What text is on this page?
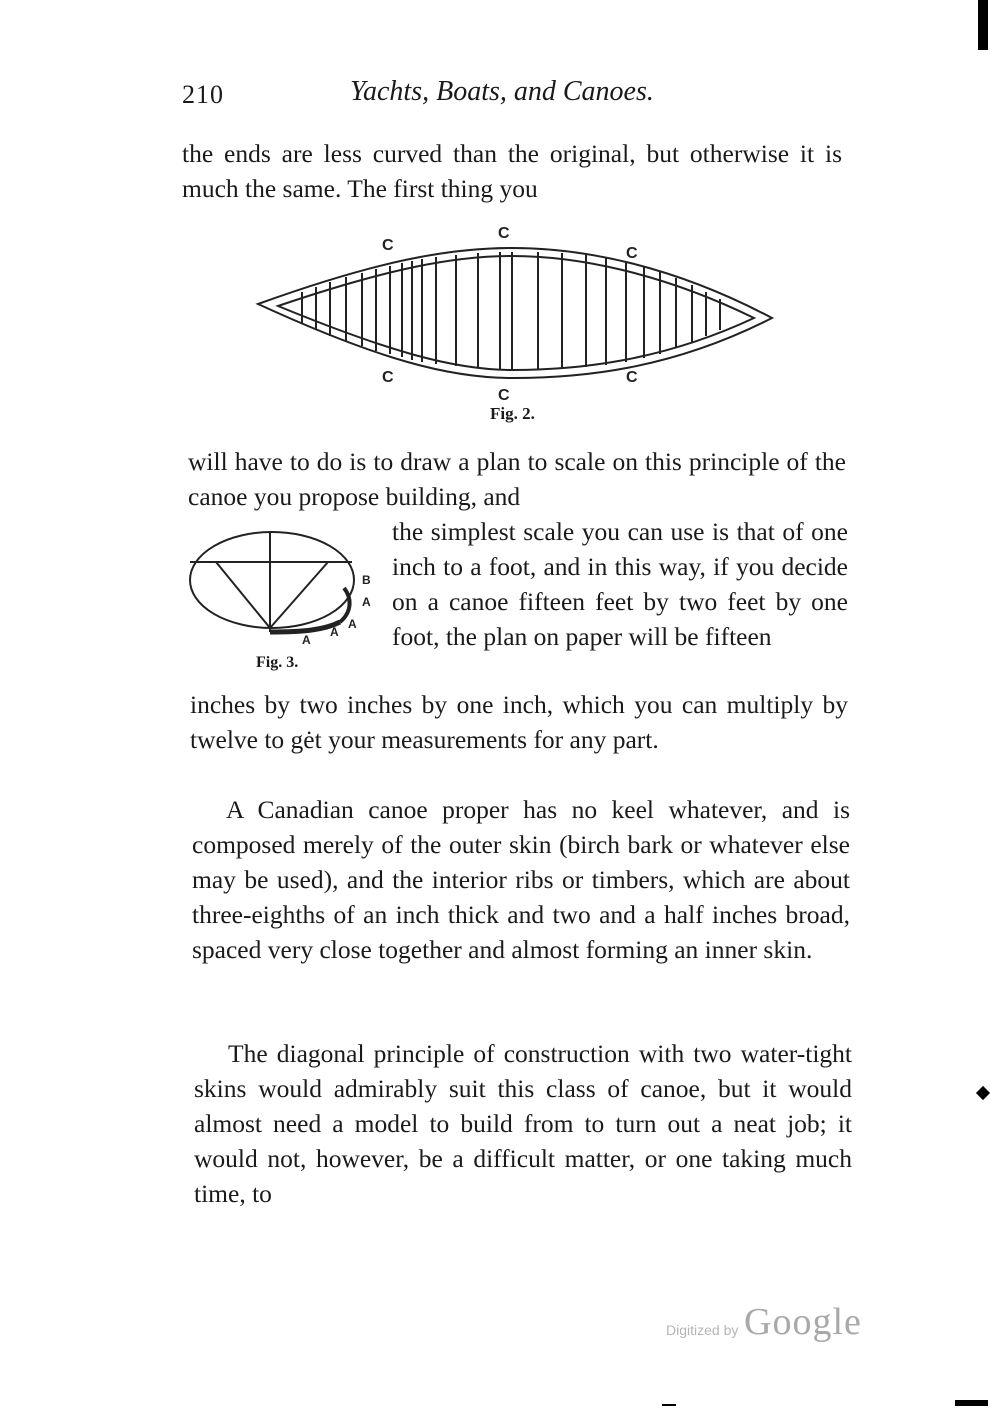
210	Yachts, Boats, and Canoes.

the ends are less curved than the original, but otherwise it is much the same. The first thing you

C
C
C
C
C
C
Fig. 2.

will have to do is to draw a plan to scale on this principle of the canoe you propose building, and

the simplest scale you can use is that of one inch to a foot, and in this way, if you decide on a canoe fifteen feet by two feet by one foot, the plan on paper will be fifteen

B
A
A
A
A
Fig. 3.

inches by two inches by one inch, which you can multiply by twelve to gėt your measurements for any part.

A Canadian canoe proper has no keel whatever, and is composed merely of the outer skin (birch bark or whatever else may be used), and the interior ribs or timbers, which are about three-eighths of an inch thick and two and a half inches broad, spaced very close together and almost forming an inner skin.

The diagonal principle of construction with two water-tight skins would admirably suit this class of canoe, but it would almost need a model to build from to turn out a neat job; it would not, however, be a difficult matter, or one taking much time, to

Digitized by Google
